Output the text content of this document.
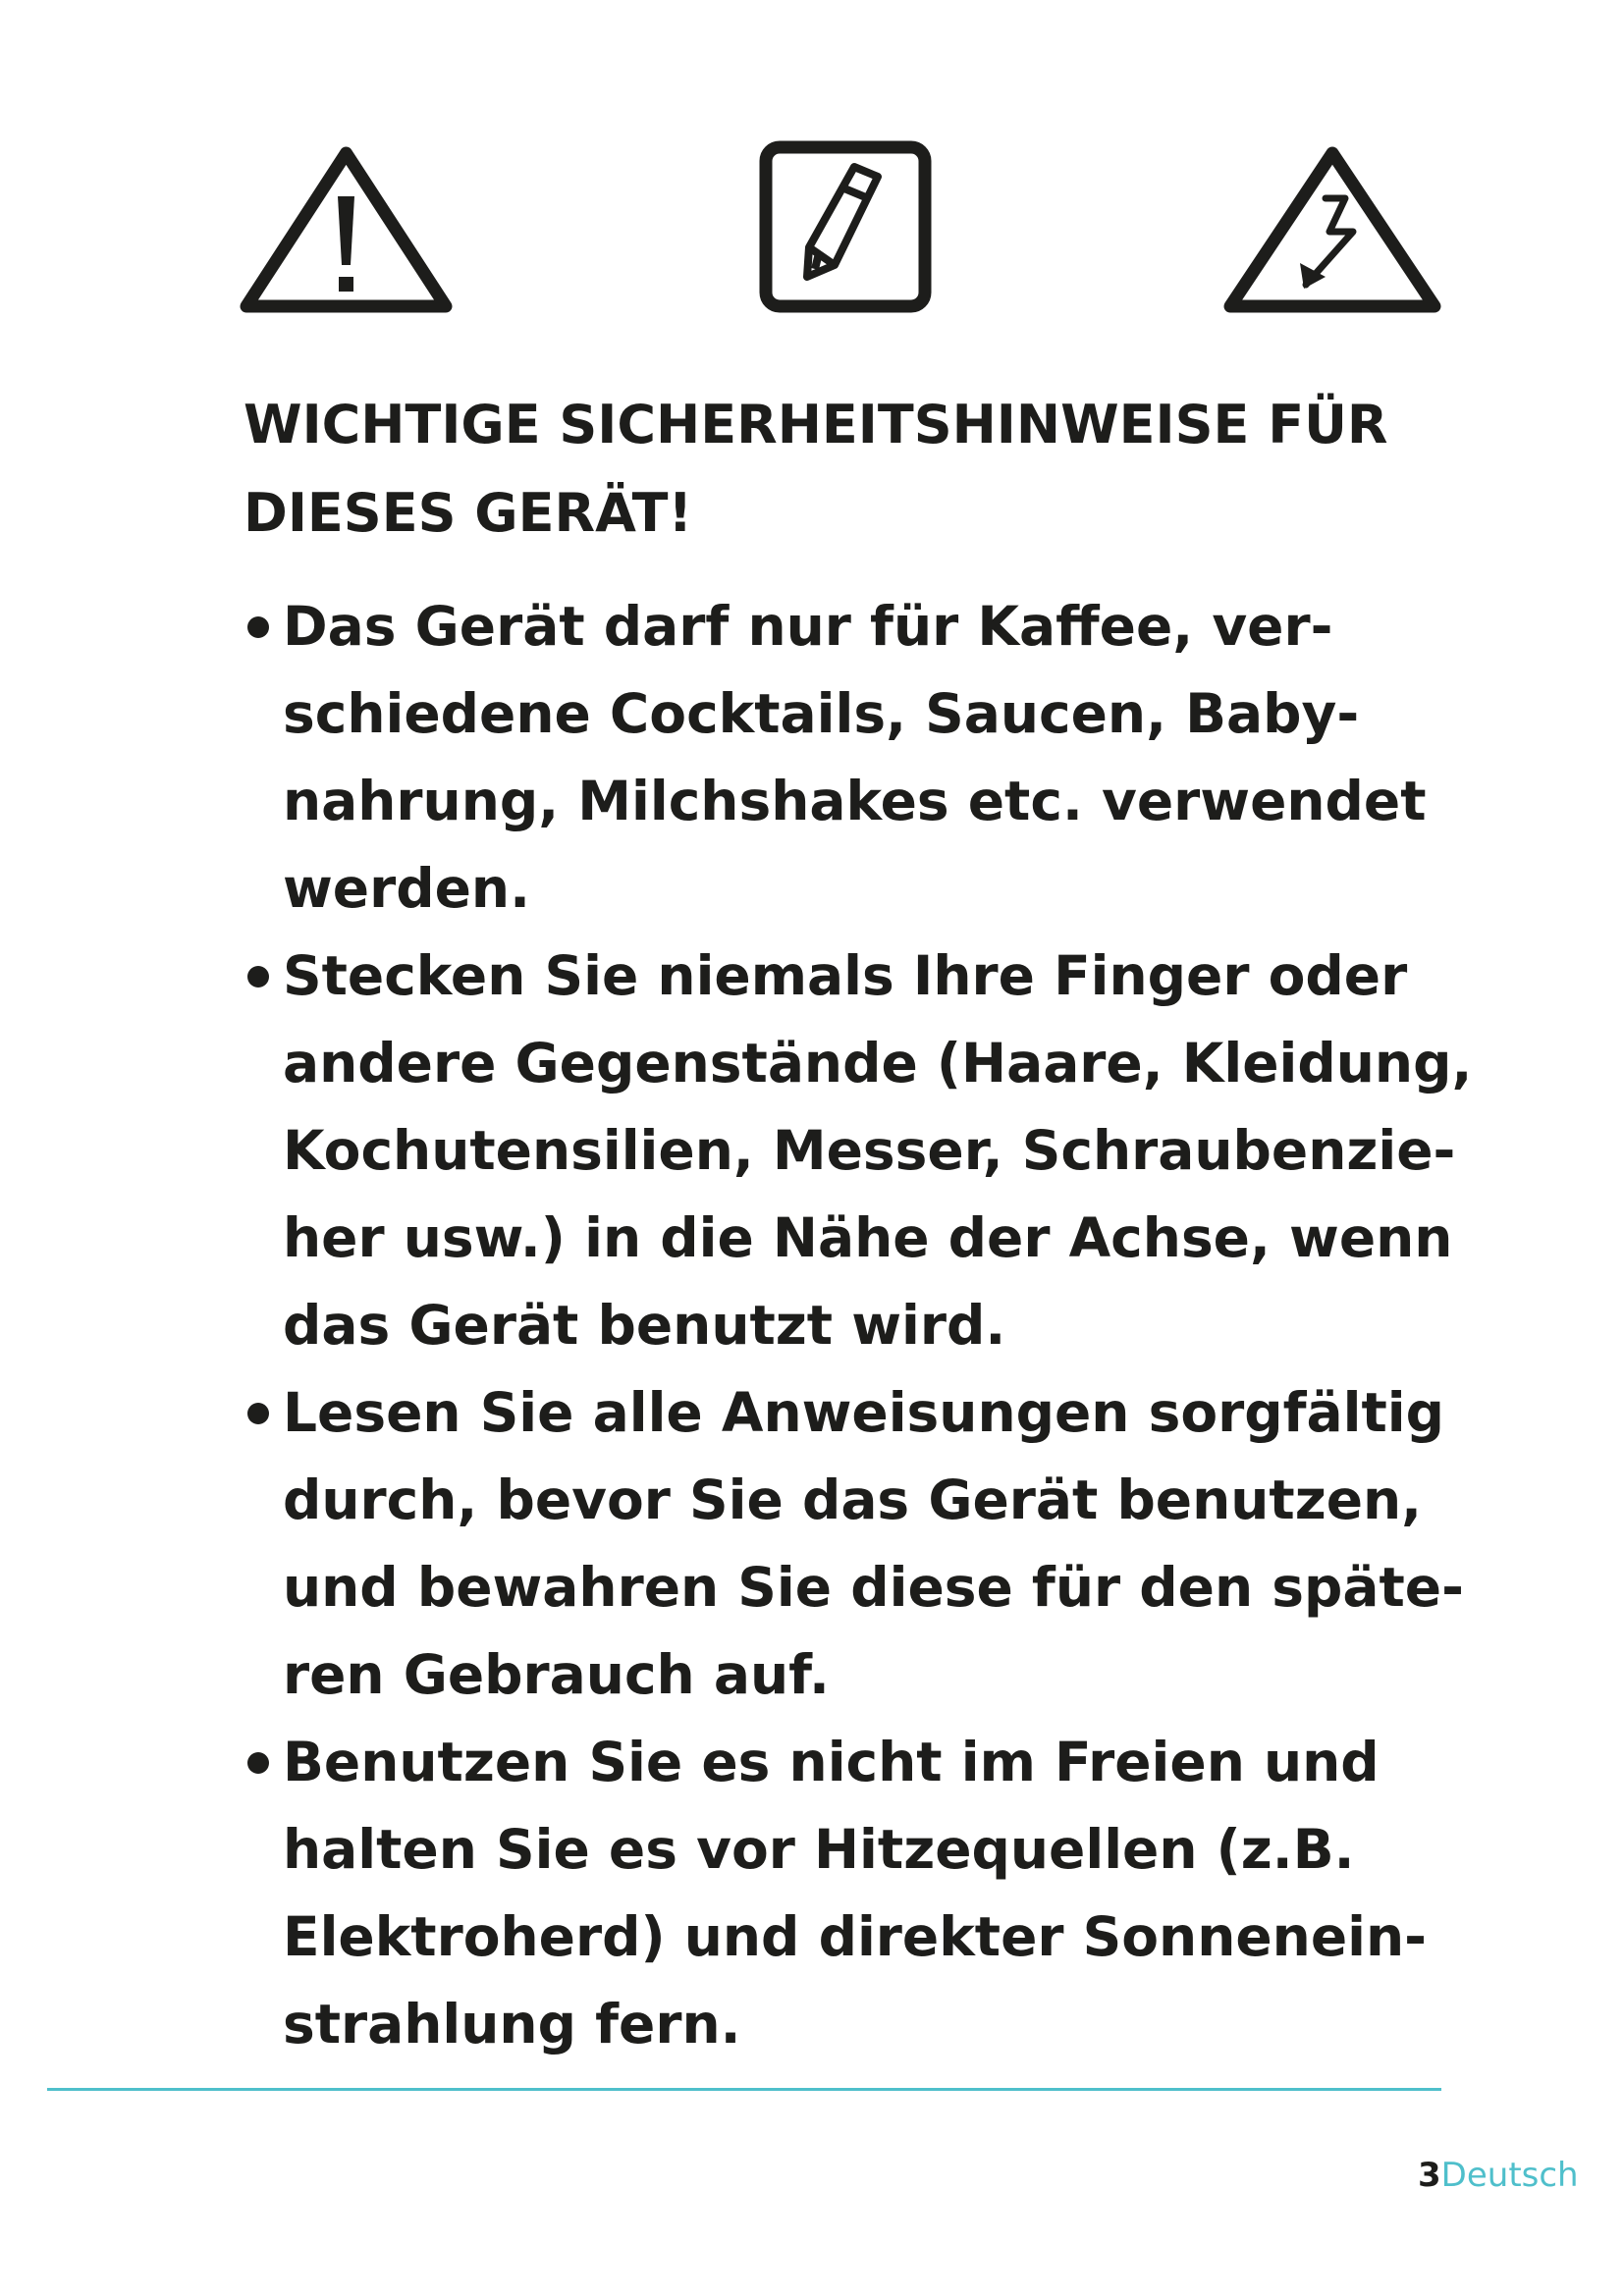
WICHTIGE SICHERHEITSHINWEISE FÜR
DIESES GERÄT!
Das Gerät darf nur für Kaffee, ver-
schiedene Cocktails, Saucen, Baby-
nahrung, Milchshakes etc. verwendet
werden.
Stecken Sie niemals Ihre Finger oder
andere Gegenstände (Haare, Kleidung,
Kochutensilien, Messer, Schraubenzie-
her usw.) in die Nähe der Achse, wenn
das Gerät benutzt wird.
Lesen Sie alle Anweisungen sorgfältig
durch, bevor Sie das Gerät benutzen,
und bewahren Sie diese für den späte-
ren Gebrauch auf.
Benutzen Sie es nicht im Freien und
halten Sie es vor Hitzequellen (z.B.
Elektroherd) und direkter Sonnenein-
strahlung fern.
3Deutsch
